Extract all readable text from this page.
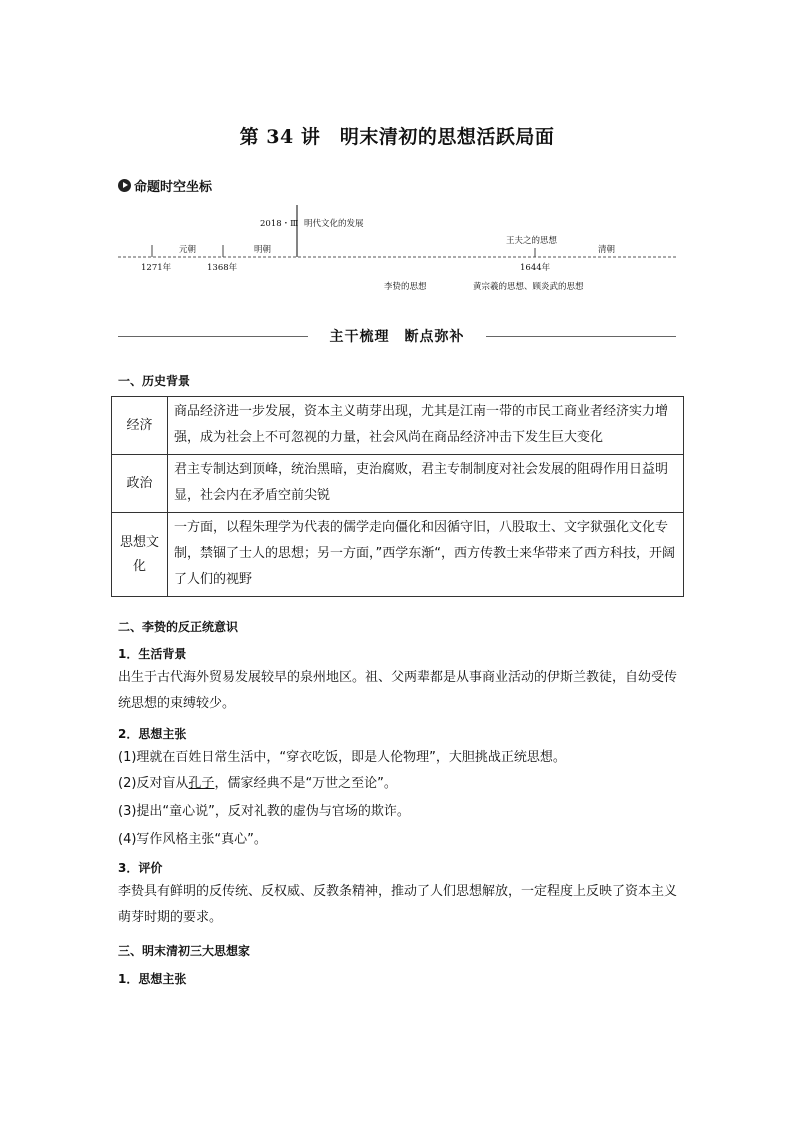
第 34 讲　明末清初的思想活跃局面
命题时空坐标
1271年	1368年	1644年
元朝	明朝	清朝
2018・Ⅲ 明代文化的发展
王夫之的思想
李贽的思想	黄宗羲的思想、顾炎武的思想
主干梳理　断点弥补
一、历史背景
经济	商品经济进一步发展，资本主义萌芽出现，尤其是江南一带的市民工商业者经济实力增强，成为社会上不可忽视的力量，社会风尚在商品经济冲击下发生巨大变化
政治	君主专制达到顶峰，统治黑暗，吏治腐败，君主专制制度对社会发展的阻碍作用日益明显，社会内在矛盾空前尖锐
思想文化	一方面，以程朱理学为代表的儒学走向僵化和因循守旧，八股取士、文字狱强化文化专制，禁锢了士人的思想；另一方面，”西学东渐“，西方传教士来华带来了西方科技，开阔了人们的视野
二、李贽的反正统意识
1．生活背景
出生于古代海外贸易发展较早的泉州地区。祖、父两辈都是从事商业活动的伊斯兰教徒，自幼受传统思想的束缚较少。
2．思想主张
(1)理就在百姓日常生活中，“穿衣吃饭，即是人伦物理”，大胆挑战正统思想。
(2)反对盲从孔子，儒家经典不是“万世之至论”。
(3)提出“童心说”，反对礼教的虚伪与官场的欺诈。
(4)写作风格主张“真心”。
3．评价
李贽具有鲜明的反传统、反权威、反教条精神，推动了人们思想解放，一定程度上反映了资本主义萌芽时期的要求。
三、明末清初三大思想家
1．思想主张
